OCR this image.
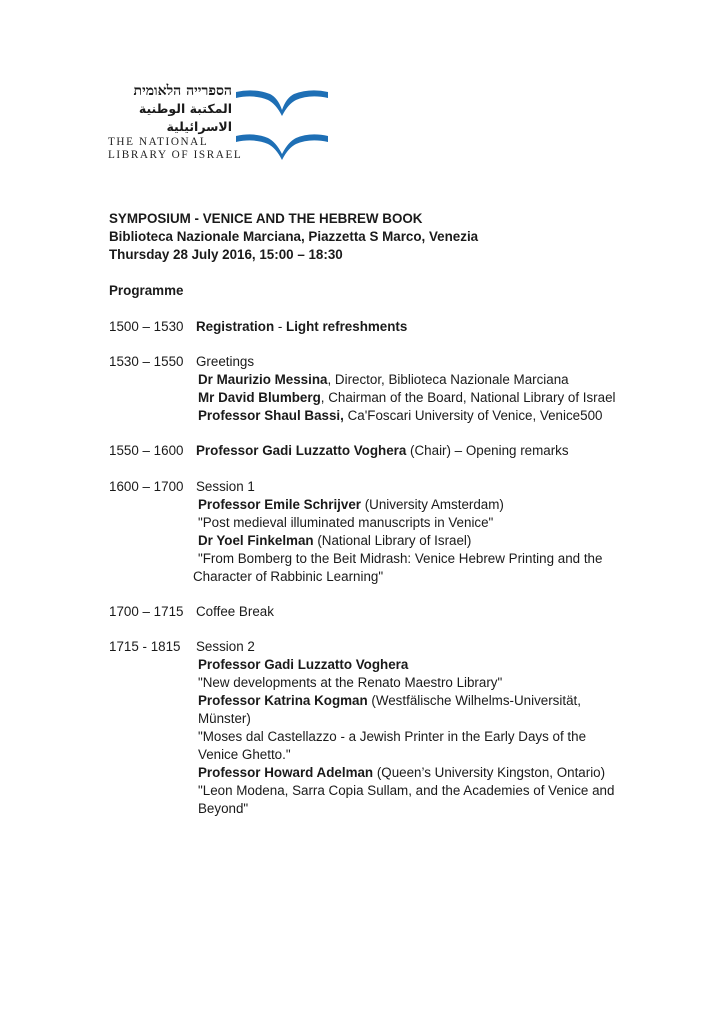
הספרייה הלאומית
المكتبة الوطنية الاسرائيلية
THE NATIONAL
LIBRARY OF ISRAEL
SYMPOSIUM - VENICE AND THE HEBREW BOOK
Biblioteca Nazionale Marciana, Piazzetta S Marco, Venezia
Thursday 28 July 2016, 15:00 – 18:30
Programme
1500 – 1530 Registration - Light refreshments
1530 – 1550 Greetings
Dr Maurizio Messina, Director, Biblioteca Nazionale Marciana
Mr David Blumberg, Chairman of the Board, National Library of Israel
Professor Shaul Bassi, Ca'Foscari University of Venice, Venice500
1550 – 1600 Professor Gadi Luzzatto Voghera (Chair) – Opening remarks
1600 – 1700 Session 1
Professor Emile Schrijver (University Amsterdam)
"Post medieval illuminated manuscripts in Venice"
Dr Yoel Finkelman (National Library of Israel)
"From Bomberg to the Beit Midrash: Venice Hebrew Printing and the
Character of Rabbinic Learning"
1700 – 1715 Coffee Break
1715 - 1815	Session 2
Professor Gadi Luzzatto Voghera
"New developments at the Renato Maestro Library"
Professor Katrina Kogman (Westfälische Wilhelms-Universität,
Münster)
"Moses dal Castellazzo - a Jewish Printer in the Early Days of the
Venice Ghetto."
Professor Howard Adelman (Queen’s University Kingston, Ontario)
"Leon Modena, Sarra Copia Sullam, and the Academies of Venice and
Beyond"
